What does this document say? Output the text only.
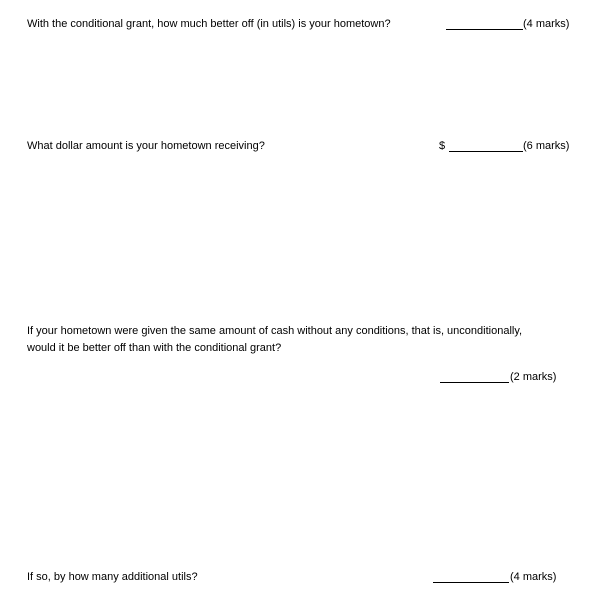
With the conditional grant, how much better off (in utils) is your hometown?	(4 marks)
What dollar amount is your hometown receiving?	$	(6 marks)
If your hometown were given the same amount of cash without any conditions, that is, unconditionally,
would it be better off than with the conditional grant?
(2 marks)
If so, by how many additional utils?	(4 marks)
